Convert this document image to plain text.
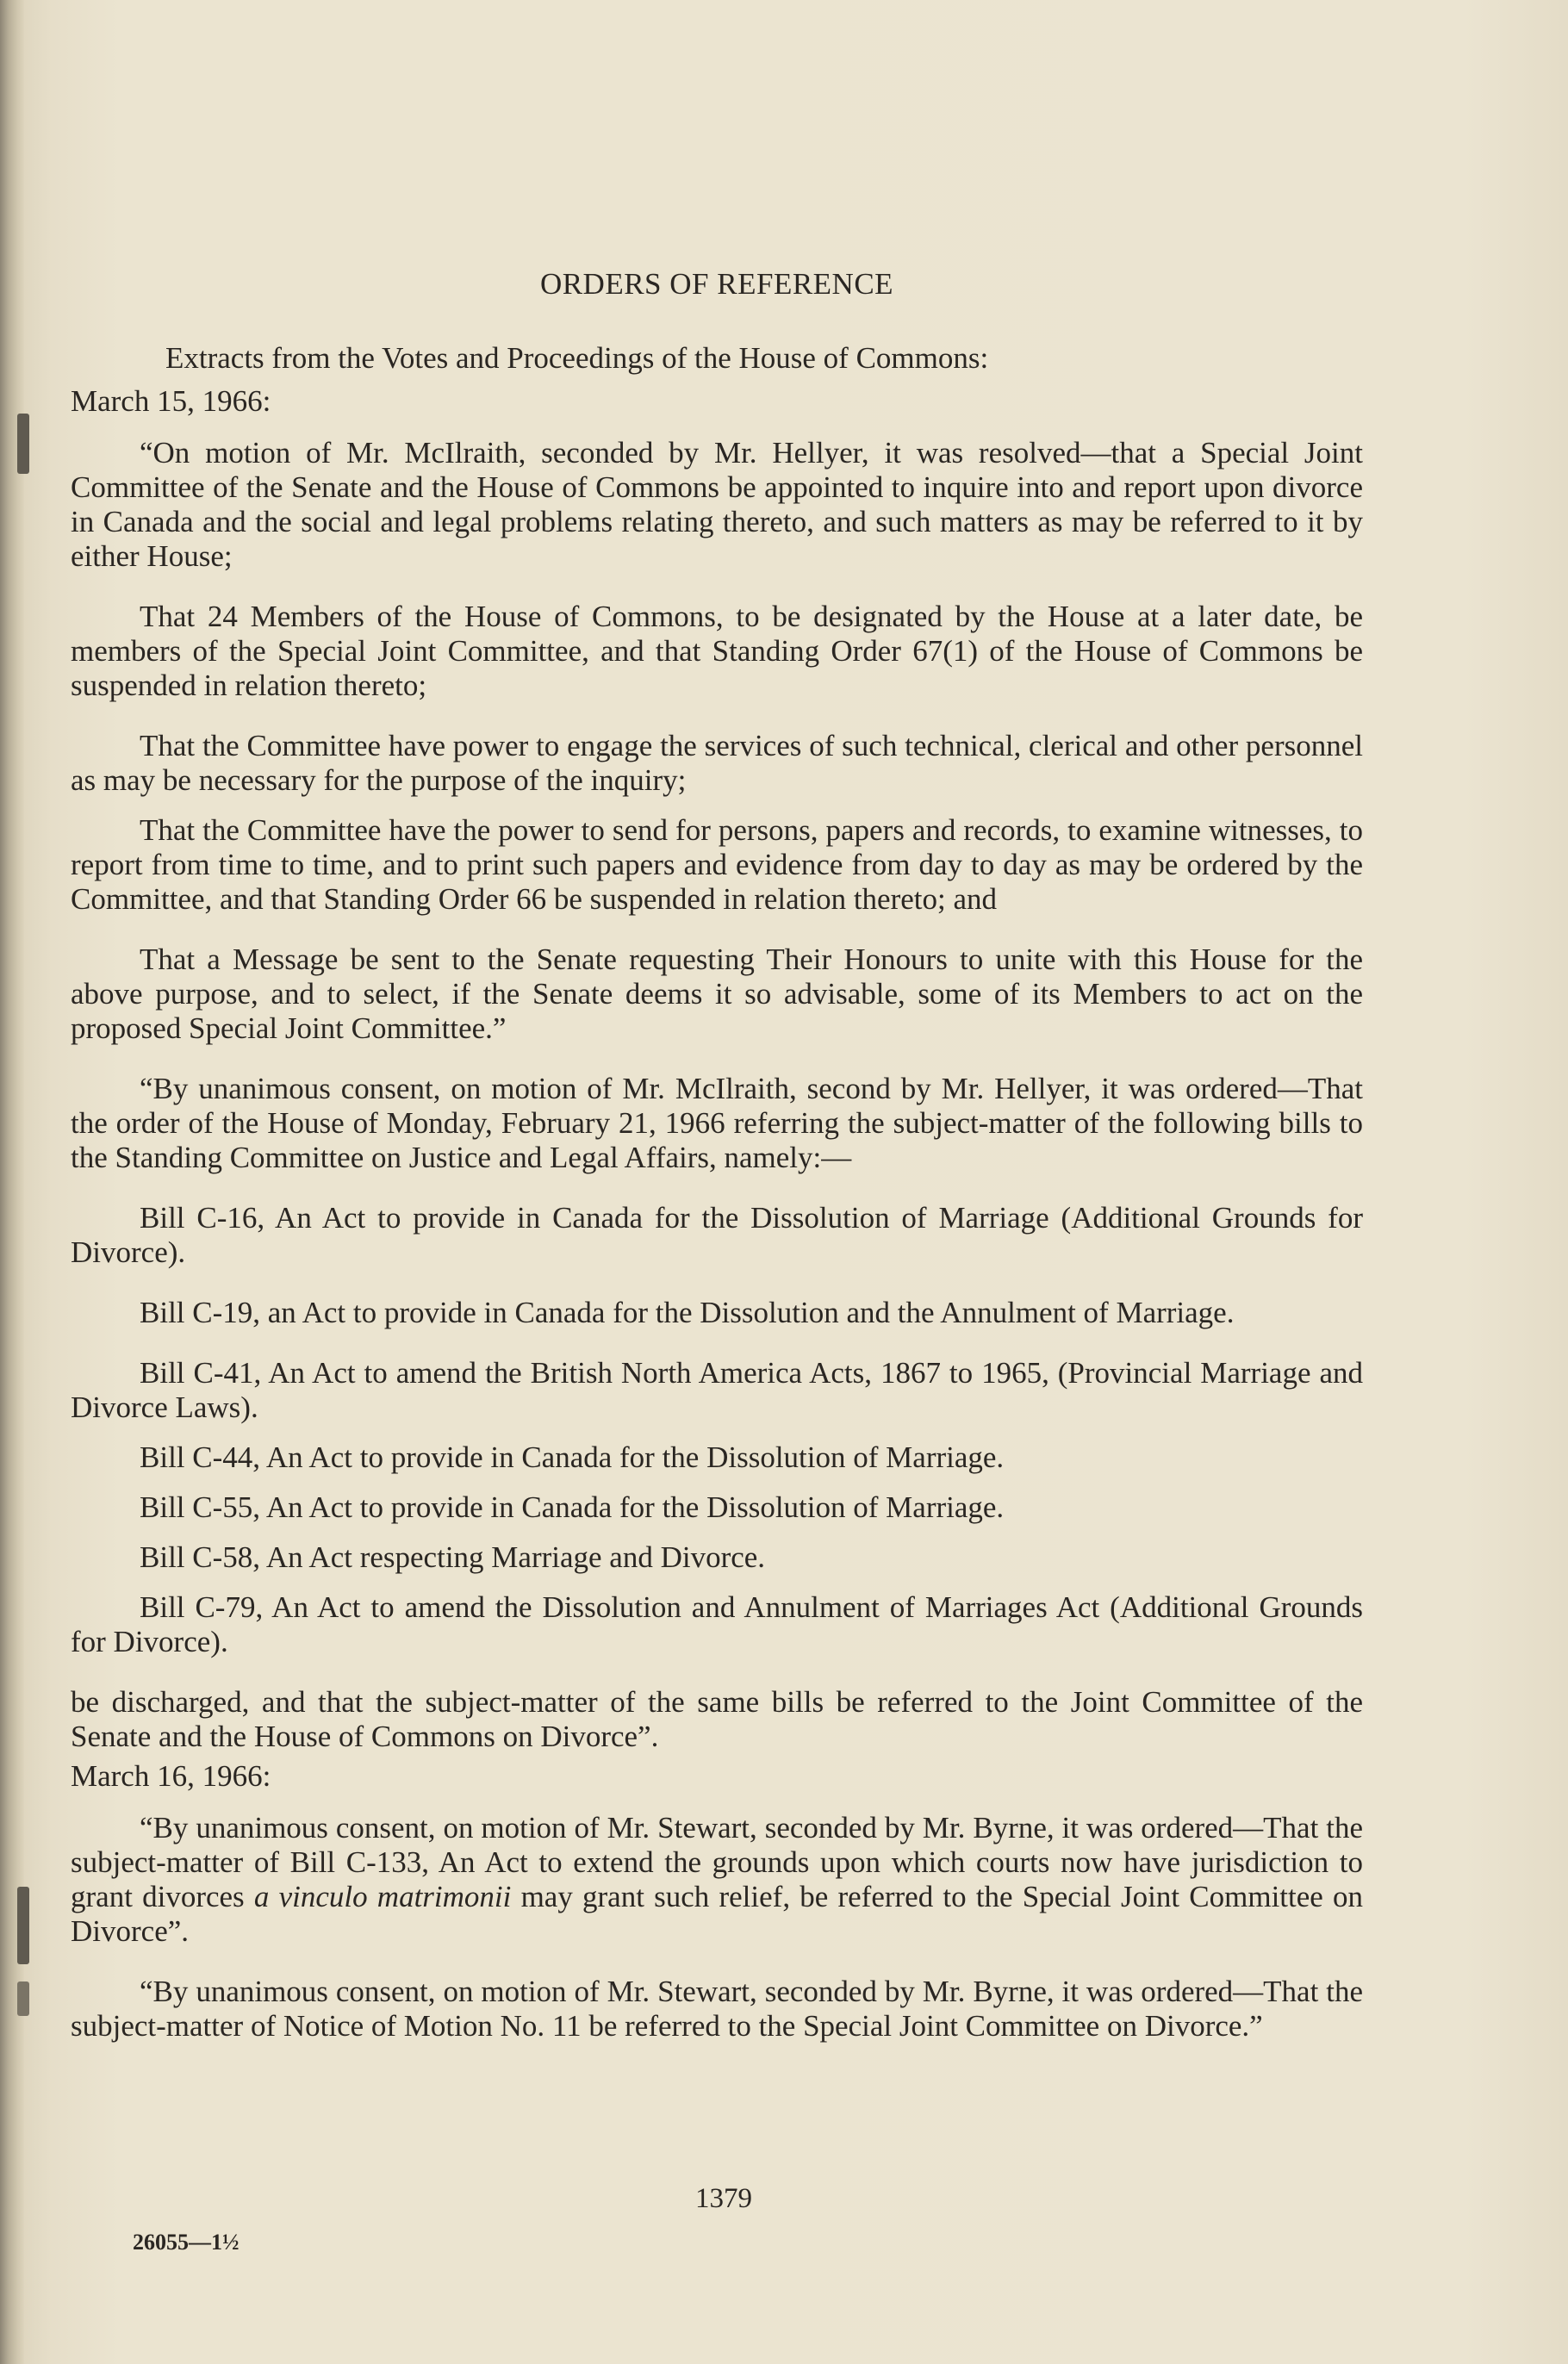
ORDERS OF REFERENCE

Extracts from the Votes and Proceedings of the House of Commons:

March 15, 1966:

“On motion of Mr. McIlraith, seconded by Mr. Hellyer, it was resolved—that a Special Joint Committee of the Senate and the House of Commons be appointed to inquire into and report upon divorce in Canada and the social and legal problems relating thereto, and such matters as may be referred to it by either House;

That 24 Members of the House of Commons, to be designated by the House at a later date, be members of the Special Joint Committee, and that Standing Order 67(1) of the House of Commons be suspended in relation thereto;

That the Committee have power to engage the services of such technical, clerical and other personnel as may be necessary for the purpose of the inquiry;

That the Committee have the power to send for persons, papers and records, to examine witnesses, to report from time to time, and to print such papers and evidence from day to day as may be ordered by the Committee, and that Standing Order 66 be suspended in relation thereto; and

That a Message be sent to the Senate requesting Their Honours to unite with this House for the above purpose, and to select, if the Senate deems it so advisable, some of its Members to act on the proposed Special Joint Committee.”

“By unanimous consent, on motion of Mr. McIlraith, second by Mr. Hellyer, it was ordered—That the order of the House of Monday, February 21, 1966 referring the subject-matter of the following bills to the Standing Committee on Justice and Legal Affairs, namely:—

Bill C-16, An Act to provide in Canada for the Dissolution of Marriage (Additional Grounds for Divorce).

Bill C-19, an Act to provide in Canada for the Dissolution and the Annulment of Marriage.

Bill C-41, An Act to amend the British North America Acts, 1867 to 1965, (Provincial Marriage and Divorce Laws).

Bill C-44, An Act to provide in Canada for the Dissolution of Marriage.

Bill C-55, An Act to provide in Canada for the Dissolution of Marriage.

Bill C-58, An Act respecting Marriage and Divorce.

Bill C-79, An Act to amend the Dissolution and Annulment of Marriages Act (Additional Grounds for Divorce).

be discharged, and that the subject-matter of the same bills be referred to the Joint Committee of the Senate and the House of Commons on Divorce”.

March 16, 1966:

“By unanimous consent, on motion of Mr. Stewart, seconded by Mr. Byrne, it was ordered—That the subject-matter of Bill C-133, An Act to extend the grounds upon which courts now have jurisdiction to grant divorces a vinculo matrimonii may grant such relief, be referred to the Special Joint Committee on Divorce”.

“By unanimous consent, on motion of Mr. Stewart, seconded by Mr. Byrne, it was ordered—That the subject-matter of Notice of Motion No. 11 be referred to the Special Joint Committee on Divorce.”

1379
26055—1½
